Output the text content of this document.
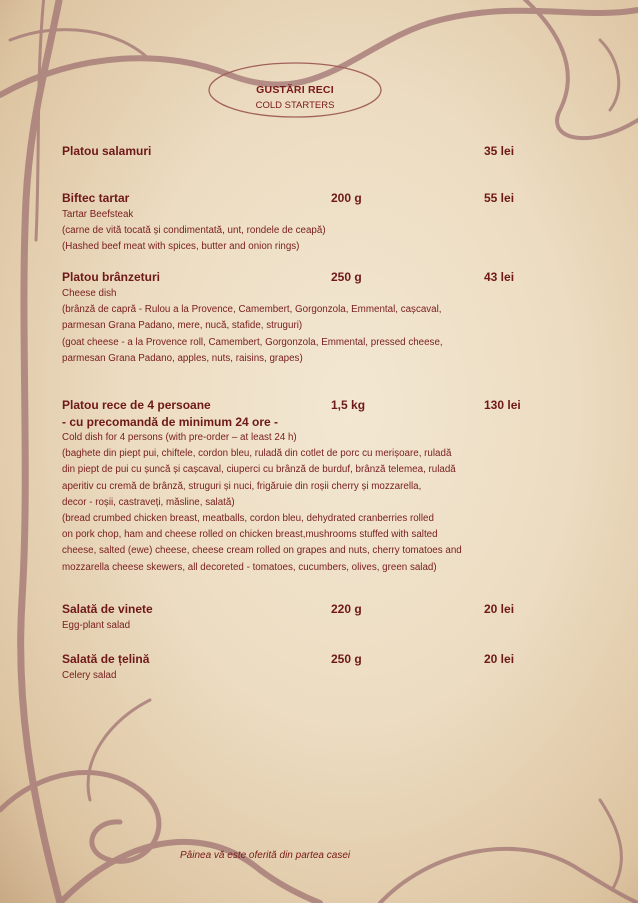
GUSTĂRI RECI
COLD STARTERS
Platou salamuri	35 lei
Biftec tartar	200 g	55 lei
Tartar Beefsteak
(carne de vită tocată și condimentată, unt, rondele de ceapă)
(Hashed beef meat with spices, butter and onion rings)
Platou brânzeturi	250 g	43 lei
Cheese dish
(brânză de capră - Rulou a la Provence, Camembert, Gorgonzola, Emmental, cașcaval,
parmesan Grana Padano, mere, nucă, stafide, struguri)
(goat cheese - a la Provence roll, Camembert, Gorgonzola, Emmental, pressed cheese,
parmesan Grana Padano, apples, nuts, raisins, grapes)
Platou rece de 4 persoane	1,5 kg	130 lei
- cu precomandă de minimum 24 ore -
Cold dish for 4 persons (with pre-order – at least 24 h)
(baghete din piept pui, chiftele, cordon bleu, ruladă din cotlet de porc cu merișoare, ruladă
din piept de pui cu șuncă și cașcaval, ciuperci cu brânză de burduf, brânză telemea, ruladă
aperitiv cu cremă de brânză, struguri și nuci, frigăruie din roșii cherry și mozzarella,
decor - roșii, castraveți, măsline, salată)
(bread crumbed chicken breast, meatballs, cordon bleu, dehydrated cranberries rolled
on pork chop, ham and cheese rolled on chicken breast,mushrooms stuffed with salted
cheese, salted (ewe) cheese, cheese cream rolled on grapes and nuts, cherry tomatoes and
mozzarella cheese skewers, all decoreted - tomatoes, cucumbers, olives, green salad)
Salată de vinete	220 g	20 lei
Egg-plant salad
Salată de țelină	250 g	20 lei
Celery salad
Pâinea vă este oferită din partea casei
